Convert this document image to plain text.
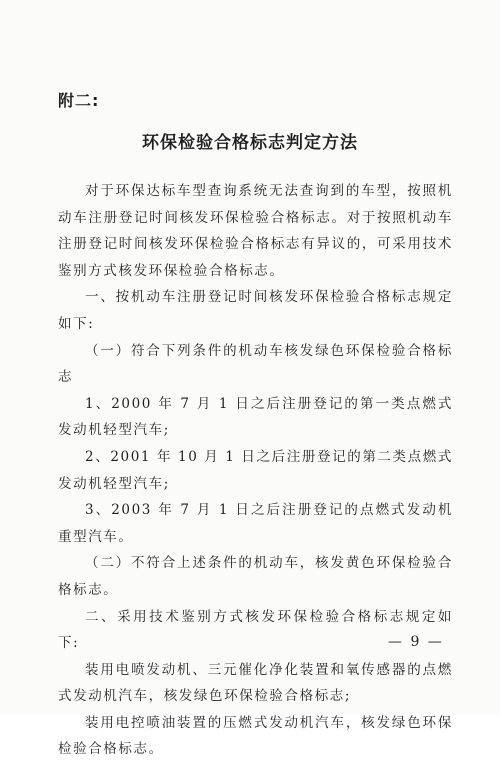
附二:
环保检验合格标志判定方法

对于环保达标车型查询系统无法查询到的车型，按照机动车注册登记时间核发环保检验合格标志。对于按照机动车注册登记时间核发环保检验合格标志有异议的，可采用技术鉴别方式核发环保检验合格标志。

一、按机动车注册登记时间核发环保检验合格标志规定如下:

（一）符合下列条件的机动车核发绿色环保检验合格标志

1、2000 年 7 月 1 日之后注册登记的第一类点燃式发动机轻型汽车;

2、2001 年 10 月 1 日之后注册登记的第二类点燃式发动机轻型汽车;

3、2003 年 7 月 1 日之后注册登记的点燃式发动机重型汽车。

（二）不符合上述条件的机动车，核发黄色环保检验合格标志。

二、采用技术鉴别方式核发环保检验合格标志规定如下:

装用电喷发动机、三元催化净化装置和氧传感器的点燃式发动机汽车，核发绿色环保检验合格标志;

装用电控喷油装置的压燃式发动机汽车，核发绿色环保检验合格标志。

— 9 —
